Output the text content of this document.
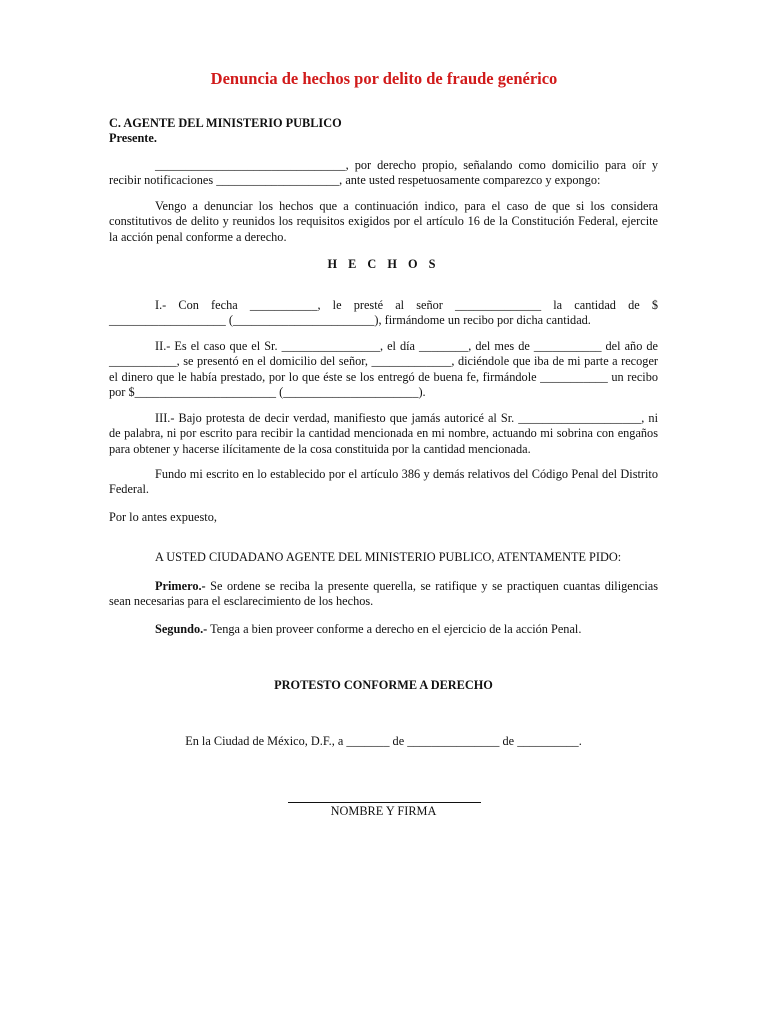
Denuncia de hechos por delito de fraude genérico
C. AGENTE DEL MINISTERIO PUBLICO
Presente.
_______________________________, por derecho propio, señalando como domicilio para oír y recibir notificaciones ____________________, ante usted respetuosamente comparezco y expongo:
Vengo a denunciar los hechos que a continuación indico, para el caso de que si los considera constitutivos de delito y reunidos los requisitos exigidos por el artículo 16 de la Constitución Federal, ejercite la acción penal conforme a derecho.
H E C H O S
I.- Con fecha ___________, le presté al señor ______________ la cantidad de $ ___________________ (_______________________), firmándome un recibo por dicha cantidad.
II.- Es el caso que el Sr. ________________, el día ________, del mes de ___________ del año de ___________, se presentó en el domicilio del señor, _____________, diciéndole que iba de mi parte a recoger el dinero que le había prestado, por lo que éste se los entregó de buena fe, firmándole ___________ un recibo por $_______________________ (______________________).
III.- Bajo protesta de decir verdad, manifiesto que jamás autoricé al Sr. ____________________, ni de palabra, ni por escrito para recibir la cantidad mencionada en mi nombre, actuando mi sobrina con engaños para obtener y hacerse ilícitamente de la cosa constituida por la cantidad mencionada.
Fundo mi escrito en lo establecido por el artículo 386 y demás relativos del Código Penal del Distrito Federal.
Por lo antes expuesto,
A USTED CIUDADANO AGENTE DEL MINISTERIO PUBLICO, ATENTAMENTE PIDO:
Primero.- Se ordene se reciba la presente querella, se ratifique y se practiquen cuantas diligencias sean necesarias para el esclarecimiento de los hechos.
Segundo.- Tenga a bien proveer conforme a derecho en el ejercicio de la acción Penal.
PROTESTO CONFORME A DERECHO
En la Ciudad de México, D.F., a _______ de _______________ de __________.
NOMBRE Y FIRMA
